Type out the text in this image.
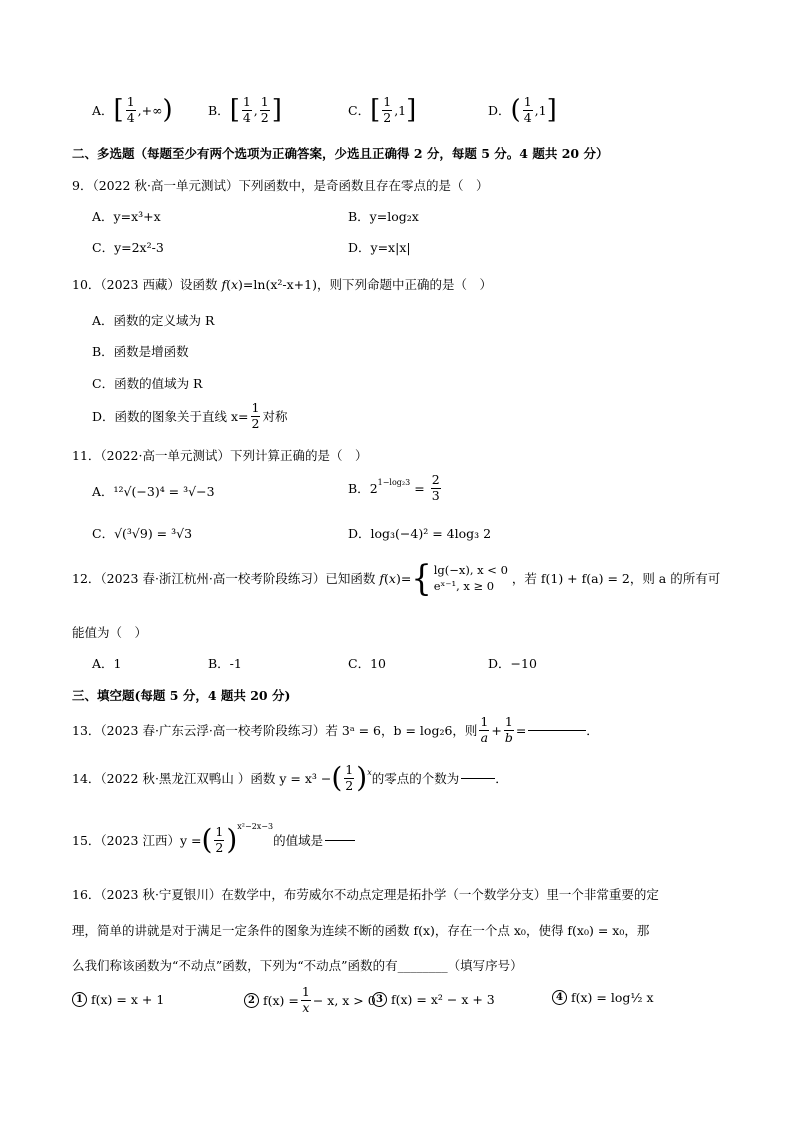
A． [ $\frac{1}{4}$ ,+∞ )	B． [ $\frac{1}{4}$ , $\frac{1}{2}$ ]	C． [ $\frac{1}{2} ,1$ ]	D． ( $\frac{1}{4} ,1$ ]
二、多选题（每题至少有两个选项为正确答案，少选且正确得 2 分，每题 5 分。4 题共 20 分）
9．（2022 秋·高一单元测试）下列函数中，是奇函数且存在零点的是（　）
A．y=x³+x	B．y=log₂x
C．y=2x²-3	D．y=x|x|
10．（2023 西藏）设函数 f(x)=ln(x²-x+1)，则下列命题中正确的是（　）
A．函数的定义域为 R
B．函数是增函数
C．函数的值域为 R
D．函数的图象关于直线 $x= \frac{1}{2}$ 对称
11．（2022·高一单元测试）下列计算正确的是（　）
A．¹²√(−3)⁴ = ³√−3	B． 2 $1-\log_23 = \frac{2}{3}$
C．√(³√9) = ³√3	D．log₃(−4)² = 4log₃ 2
12．（2023 春·浙江杭州·高一校考阶段练习）已知函数 f(x)= { lg(−x), x < 0
eˣ⁻¹, x ≥ 0	，若 f(1) + f(a) = 2，则 a 的所有可
能值为（　）
A．1	B．-1	C．10	D．−10
三、填空题(每题 5 分，4 题共 20 分)
13．（2023 春·广东云浮·高一校考阶段练习）若 3ᵃ = 6，b = log₂6，则 $\frac{1}{a} + \frac{1}{b}$ =	．
14．（2022 秋·黑龙江双鸭山 ）函数 y = x³ − ( $\frac{1}{2}$ ) x 的零点的个数为	．
15．（2023 江西）y = ( $\frac{1}{2}$ ) x²−2x−3
的值域是
16．（2023 秋·宁夏银川）在数学中，布劳威尔不动点定理是拓扑学（一个数学分支）里一个非常重要的定
理，简单的讲就是对于满足一定条件的图象为连续不断的函数 f(x)，存在一个点 x₀，使得 f(x₀) = x₀，那
么我们称该函数为“不动点”函数，下列为“不动点”函数的有________（填写序号）
1 f(x) = x + 1	2 $f(x) = \frac{1}{x} - x$, x > 0 3 f(x) = x² − x + 3	4 f(x) = log½ x
